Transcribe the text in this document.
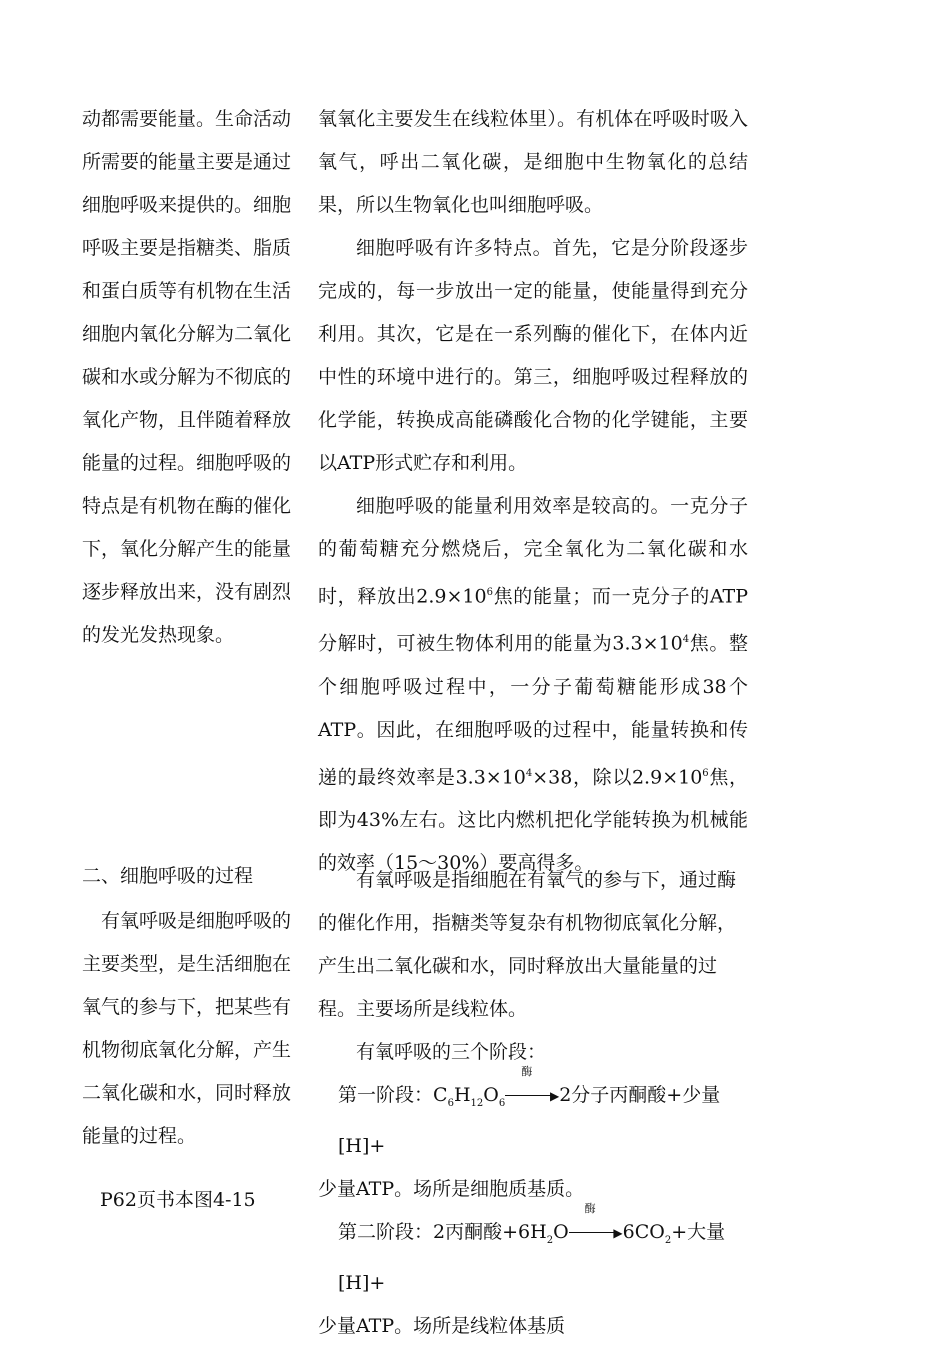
动都需要能量。生命活动所需要的能量主要是通过细胞呼吸来提供的。细胞呼吸主要是指糖类、脂质和蛋白质等有机物在生活细胞内氧化分解为二氧化碳和水或分解为不彻底的氧化产物，且伴随着释放能量的过程。细胞呼吸的特点是有机物在酶的催化下，氧化分解产生的能量逐步释放出来，没有剧烈的发光发热现象。

氧氧化主要发生在线粒体里）。有机体在呼吸时吸入氧气，呼出二氧化碳，是细胞中生物氧化的总结果，所以生物氧化也叫细胞呼吸。

细胞呼吸有许多特点。首先，它是分阶段逐步完成的，每一步放出一定的能量，使能量得到充分利用。其次，它是在一系列酶的催化下，在体内近中性的环境中进行的。第三，细胞呼吸过程释放的化学能，转换成高能磷酸化合物的化学键能，主要以ATP形式贮存和利用。

细胞呼吸的能量利用效率是较高的。一克分子的葡萄糖充分燃烧后，完全氧化为二氧化碳和水时，释放出$2.9\times 10^6$焦的能量；而一克分子的ATP分解时，可被生物体利用的能量为$3.3\times 10^4$焦。整个细胞呼吸过程中，一分子葡萄糖能形成38个ATP。因此，在细胞呼吸的过程中，能量转换和传递的最终效率是$3.3\times 10^4\times 38$，除以$2.9\times 10^6$焦，即为43%左右。这比内燃机把化学能转换为机械能的效率（15～30%）要高得多。

二、细胞呼吸的过程

有氧呼吸是细胞呼吸的主要类型，是生活细胞在氧气的参与下，把某些有机物彻底氧化分解，产生二氧化碳和水，同时释放能量的过程。

P62页书本图4-15

有氧呼吸是指细胞在有氧气的参与下，通过酶的催化作用，指糖类等复杂有机物彻底氧化分解，产生出二氧化碳和水，同时释放出大量能量的过程。主要场所是线粒体。

有氧呼吸的三个阶段：

第一阶段：$C_6H_{12}O_6$
酶
▶ 2分子丙酮酸+少量[H]+

少量ATP。场所是细胞质基质。

第二阶段：2丙酮酸$+6H_2O$
酶
▶ $6CO_2+$大量[H]+

少量ATP。场所是线粒体基质
